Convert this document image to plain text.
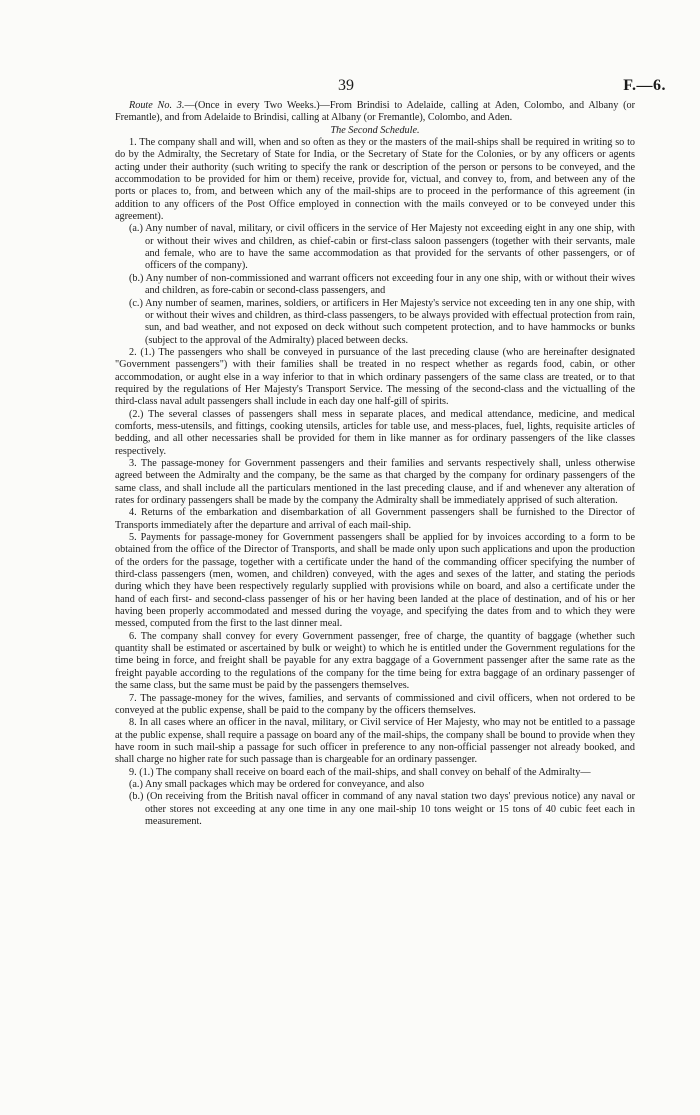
39	F.—6.

Route No. 3.—(Once in every Two Weeks.)—From Brindisi to Adelaide, calling at Aden, Colombo, and Albany (or Fremantle), and from Adelaide to Brindisi, calling at Albany (or Fremantle), Colombo, and Aden.

The Second Schedule.

1. The company shall and will, when and so often as they or the masters of the mail-ships shall be required in writing so to do by the Admiralty, the Secretary of State for India, or the Secretary of State for the Colonies, or by any officers or agents acting under their authority (such writing to specify the rank or description of the person or persons to be conveyed, and the accommodation to be provided for him or them) receive, provide for, victual, and convey to, from, and between any of the ports or places to, from, and between which any of the mail-ships are to proceed in the performance of this agreement (in addition to any officers of the Post Office employed in connection with the mails conveyed or to be conveyed under this agreement).

(a.) Any number of naval, military, or civil officers in the service of Her Majesty not exceeding eight in any one ship, with or without their wives and children, as chief-cabin or first-class saloon passengers (together with their servants, male and female, who are to have the same accommodation as that provided for the servants of other passengers, or of officers of the company).

(b.) Any number of non-commissioned and warrant officers not exceeding four in any one ship, with or without their wives and children, as fore-cabin or second-class passengers, and

(c.) Any number of seamen, marines, soldiers, or artificers in Her Majesty's service not exceeding ten in any one ship, with or without their wives and children, as third-class passengers, to be always provided with effectual protection from rain, sun, and bad weather, and not exposed on deck without such competent protection, and to have hammocks or bunks (subject to the approval of the Admiralty) placed between decks.

2. (1.) The passengers who shall be conveyed in pursuance of the last preceding clause (who are hereinafter designated "Government passengers") with their families shall be treated in no respect whether as regards food, cabin, or other accommodation, or aught else in a way inferior to that in which ordinary passengers of the same class are treated, or to that required by the regulations of Her Majesty's Transport Service. The messing of the second-class and the victualling of the third-class naval adult passengers shall include in each day one half-gill of spirits.

(2.) The several classes of passengers shall mess in separate places, and medical attendance, medicine, and medical comforts, mess-utensils, and fittings, cooking utensils, articles for table use, and mess-places, fuel, lights, requisite articles of bedding, and all other necessaries shall be provided for them in like manner as for ordinary passengers of the like classes respectively.

3. The passage-money for Government passengers and their families and servants respectively shall, unless otherwise agreed between the Admiralty and the company, be the same as that charged by the company for ordinary passengers of the same class, and shall include all the particulars mentioned in the last preceding clause, and if and whenever any alteration of rates for ordinary passengers shall be made by the company the Admiralty shall be immediately apprised of such alteration.

4. Returns of the embarkation and disembarkation of all Government passengers shall be furnished to the Director of Transports immediately after the departure and arrival of each mail-ship.

5. Payments for passage-money for Government passengers shall be applied for by invoices according to a form to be obtained from the office of the Director of Transports, and shall be made only upon such applications and upon the production of the orders for the passage, together with a certificate under the hand of the commanding officer specifying the number of third-class passengers (men, women, and children) conveyed, with the ages and sexes of the latter, and stating the periods during which they have been respectively regularly supplied with provisions while on board, and also a certificate under the hand of each first- and second-class passenger of his or her having been landed at the place of destination, and of his or her having been properly accommodated and messed during the voyage, and specifying the dates from and to which they were messed, computed from the first to the last dinner meal.

6. The company shall convey for every Government passenger, free of charge, the quantity of baggage (whether such quantity shall be estimated or ascertained by bulk or weight) to which he is entitled under the Government regulations for the time being in force, and freight shall be payable for any extra baggage of a Government passenger after the same rate as the freight payable according to the regulations of the company for the time being for extra baggage of an ordinary passenger of the same class, but the same must be paid by the passengers themselves.

7. The passage-money for the wives, families, and servants of commissioned and civil officers, when not ordered to be conveyed at the public expense, shall be paid to the company by the officers themselves.

8. In all cases where an officer in the naval, military, or Civil service of Her Majesty, who may not be entitled to a passage at the public expense, shall require a passage on board any of the mail-ships, the company shall be bound to provide when they have room in such mail-ship a passage for such officer in preference to any non-official passenger not already booked, and shall charge no higher rate for such passage than is chargeable for an ordinary passenger.

9. (1.) The company shall receive on board each of the mail-ships, and shall convey on behalf of the Admiralty—

(a.) Any small packages which may be ordered for conveyance, and also

(b.) (On receiving from the British naval officer in command of any naval station two days' previous notice) any naval or other stores not exceeding at any one time in any one mail-ship 10 tons weight or 15 tons of 40 cubic feet each in measurement.
